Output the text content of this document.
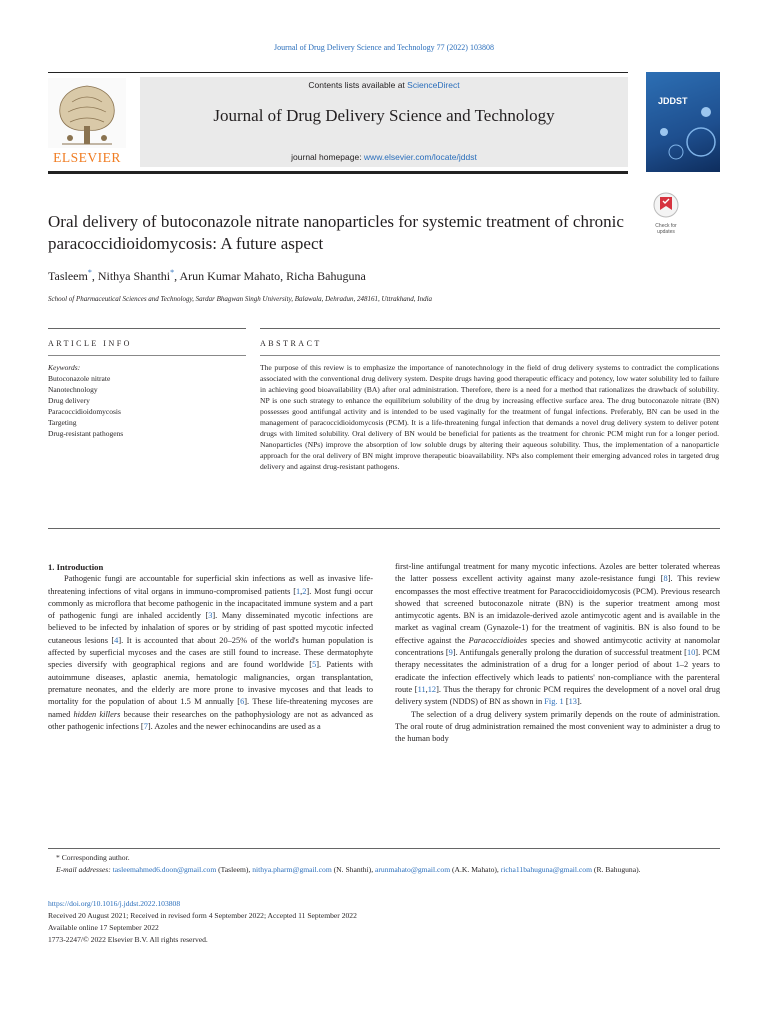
Journal of Drug Delivery Science and Technology 77 (2022) 103808
ELSEVIER
Contents lists available at ScienceDirect
Journal of Drug Delivery Science and Technology
journal homepage: www.elsevier.com/locate/jddst
JDDST
Oral delivery of butoconazole nitrate nanoparticles for systemic treatment of chronic paracoccidioidomycosis: A future aspect
Check for updates
Tasleem*, Nithya Shanthi*, Arun Kumar Mahato, Richa Bahuguna
School of Pharmaceutical Sciences and Technology, Sardar Bhagwan Singh University, Balawala, Dehradun, 248161, Uttrakhand, India
ARTICLE INFO	ABSTRACT
Keywords:
Butoconazole nitrate
Nanotechnology
Drug delivery
Paracoccidioidomycosis
Targeting
Drug-resistant pathogens
The purpose of this review is to emphasize the importance of nanotechnology in the field of drug delivery systems to contradict the complications associated with the conventional drug delivery system. Despite drugs having good therapeutic efficacy and potency, low water solubility led to failure in achieving good bioavailability (BA) after oral administration. Therefore, there is a need for a method that rationalizes the drawback of solubility. NP is one such strategy to enhance the equilibrium solubility of the drug by increasing effective surface area. The drug butoconazole nitrate (BN) possesses good antifungal activity and is intended to be used vaginally for the treatment of fungal infections. Preferably, BN can be used in the management of paracoccidioidomycosis (PCM). It is a life-threatening fungal infection that demands a novel drug delivery system to deliver potent drugs with limited solubility. Oral delivery of BN would be beneficial for patients as the treatment for chronic PCM might run for a longer period. Nanoparticles (NPs) improve the absorption of low soluble drugs by altering their aqueous solubility. Thus, the implementation of a nanoparticle approach for the oral delivery of BN might improve therapeutic bioavailability. NPs also complement their emerging advanced roles in targeted drug delivery and against drug-resistant pathogens.

1. Introduction

Pathogenic fungi are accountable for superficial skin infections as well as invasive life-threatening infections of vital organs in immuno-compromised patients [1,2]. Most fungi occur commonly as microflora that become pathogenic in the incapacitated immune system and a part of pathogenic fungi are inhaled accidently [3]. Many disseminated mycotic infections are believed to be infected by inhalation of spores or by striding of past spotted mycotic infected cutaneous lesions [4]. It is accounted that about 20–25% of the world's human population is affected by superficial mycoses and the cases are still found to increase. These dermatophyte species diversify with geographical regions and are found worldwide [5]. Patients with autoimmune diseases, aplastic anemia, hematologic malignancies, organ transplantation, premature neonates, and the elderly are more prone to invasive mycoses and that leads to mortality for the population of about 1.5 M annually [6]. These life-threatening mycoses are named hidden killers because their researches on the pathophysiology are not as advanced as other pathogenic infections [7]. Azoles and the newer echinocandins are used as a

first-line antifungal treatment for many mycotic infections. Azoles are better tolerated whereas the latter possess excellent activity against many azole-resistance fungi [8]. This review encompasses the most effective treatment for Paracoccidioidomycosis (PCM). Previous research showed that screened butoconazole nitrate (BN) is the superior treatment among most antimycotic agents. BN is an imidazole-derived azole antimycotic agent and is available in the market as vaginal cream (Gynazole-1) for the treatment of vaginitis. BN is also found to be effective against the Paracoccidioides species and showed antimycotic activity at nanomolar concentrations [9]. Antifungals generally prolong the duration of successful treatment [10]. PCM therapy necessitates the administration of a drug for a longer period of about 1–2 years to eradicate the infection effectively which leads to patients' non-compliance with the parenteral route [11,12]. Thus the therapy for chronic PCM requires the development of a novel oral drug delivery system (NDDS) of BN as shown in Fig. 1 [13].

The selection of a drug delivery system primarily depends on the route of administration. The oral route of drug administration remained the most convenient way to administer a drug to the human body

* Corresponding author.
E-mail addresses: tasleemahmed6.doon@gmail.com (Tasleem), nithya.pharm@gmail.com (N. Shanthi), arunmahato@gmail.com (A.K. Mahato), richa11bahuguna@gmail.com (R. Bahuguna).
https://doi.org/10.1016/j.jddst.2022.103808
Received 20 August 2021; Received in revised form 4 September 2022; Accepted 11 September 2022
Available online 17 September 2022
1773-2247/© 2022 Elsevier B.V. All rights reserved.
